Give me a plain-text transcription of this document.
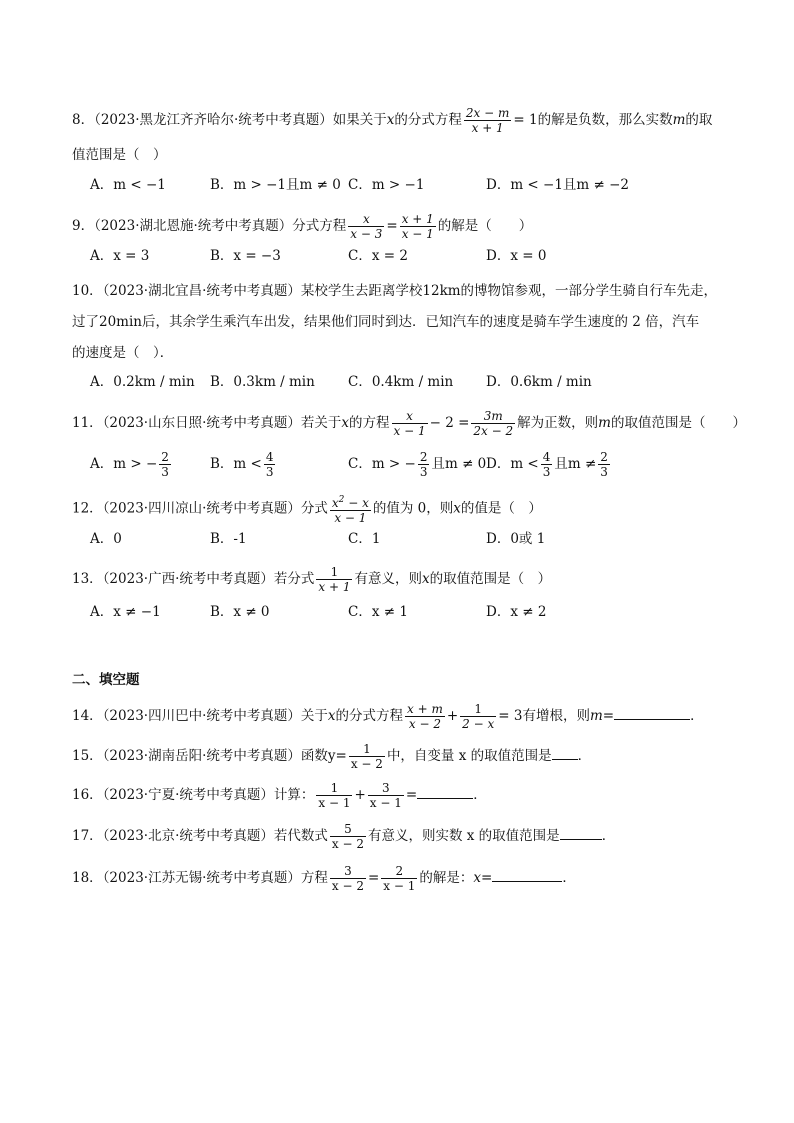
8．（2023·黑龙江齐齐哈尔·统考中考真题）如果关于x的分式方程 $\frac{2x - m}{x + 1} = 1$的解是负数，那么实数m的取
值范围是（　）
A．m < −1	B．m > −1且m ≠ 0 C．m > −1	D．m < −1且m ≠ −2
9．（2023·湖北恩施·统考中考真题）分式方程 $\frac{x}{x - 3} = \frac{x + 1}{x - 1}$ 的解是（　　）
A．x = 3	B．x = −3	C．x = 2	D．x = 0
10．（2023·湖北宜昌·统考中考真题）某校学生去距离学校12km的博物馆参观，一部分学生骑自行车先走，
过了20min后，其余学生乘汽车出发，结果他们同时到达．已知汽车的速度是骑车学生速度的 2 倍，汽车
的速度是（　）．
A．0.2km / min B．0.3km / min C．0.4km / min D．0.6km / min
11．（2023·山东日照·统考中考真题）若关于x的方程 $\frac{x}{x - 1} - 2 = \frac{3m}{2x - 2}$ 解为正数，则m的取值范围是（　　）
A．m > − $\frac{2}{3}$	B．$m < \frac{4}{3}$	C．m > − $\frac{2}{3}$ 且m ≠ 0 D．$m < \frac{4}{3}$ 且$m \ne \frac{2}{3}$
12．（2023·四川凉山·统考中考真题）分式 $\frac{x^2 - x}{x - 1}$ 的值为 0，则x的值是（　）
A．0	B．-1	C．1	D．0或 1
13．（2023·广西·统考中考真题）若分式 $\frac{1}{x + 1}$ 有意义，则x的取值范围是（　）
A．x ≠ −1	B．x ≠ 0	C．x ≠ 1	D．x ≠ 2
二、填空题
14．（2023·四川巴中·统考中考真题）关于x的分式方程 $\frac{x + m}{x - 2} + \frac{1}{2 - x} = 3$有增根，则m=	．
15．（2023·湖南岳阳·统考中考真题）函数$y= \frac{1}{x - 2}$ 中，自变量 x 的取值范围是 ．
16．（2023·宁夏·统考中考真题）计算： $\frac{1}{x - 1} + \frac{3}{x - 1}$ =	．
17．（2023·北京·统考中考真题）若代数式 $\frac{5}{x - 2}$ 有意义，则实数 x 的取值范围是	．
18．（2023·江苏无锡·统考中考真题）方程 $\frac{3}{x - 2} = \frac{2}{x - 1}$ 的解是：x=	．
